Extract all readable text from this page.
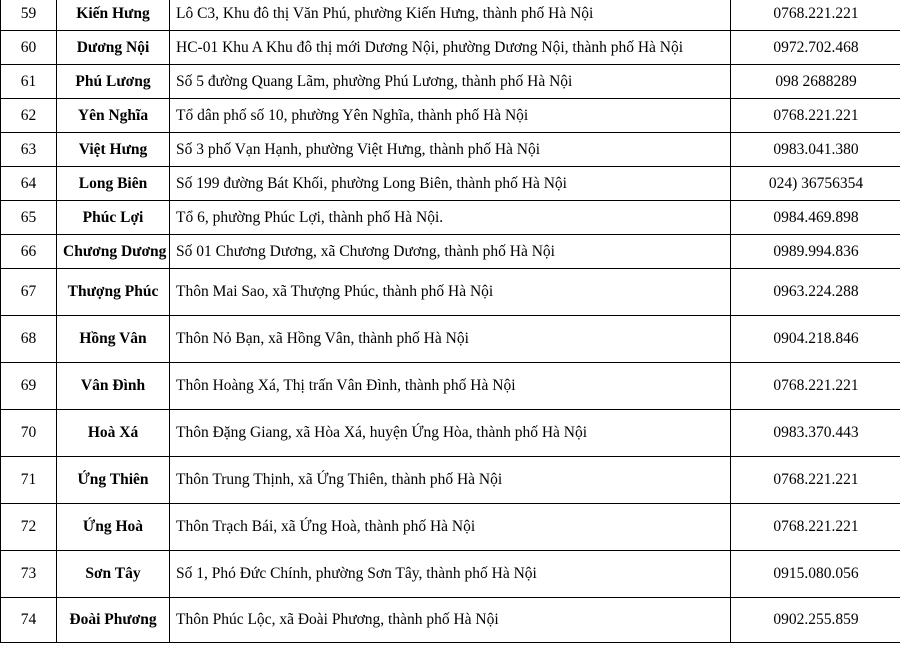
59	Kiến Hưng	Lô C3, Khu đô thị Văn Phú, phường Kiến Hưng, thành phố Hà Nội	0768.221.221
60	Dương Nội	HC-01 Khu A Khu đô thị mới Dương Nội, phường Dương Nội, thành phố Hà Nội	0972.702.468
61	Phú Lương	Số 5 đường Quang Lãm, phường Phú Lương, thành phố Hà Nội	098 2688289
62	Yên Nghĩa	Tổ dân phố số 10, phường Yên Nghĩa, thành phố Hà Nội	0768.221.221
63	Việt Hưng	Số 3 phố Vạn Hạnh, phường Việt Hưng, thành phố Hà Nội	0983.041.380
64	Long Biên	Số 199 đường Bát Khối, phường Long Biên, thành phố Hà Nội	024) 36756354
65	Phúc Lợi	Tổ 6, phường Phúc Lợi, thành phố Hà Nội.	0984.469.898
66	Chương Dương	Số 01 Chương Dương, xã Chương Dương, thành phố Hà Nội	0989.994.836
67	Thượng Phúc	Thôn Mai Sao, xã Thượng Phúc, thành phố Hà Nội	0963.224.288
68	Hồng Vân	Thôn Nỏ Bạn, xã Hồng Vân, thành phố Hà Nội	0904.218.846
69	Vân Đình	Thôn Hoàng Xá, Thị trấn Vân Đình, thành phố Hà Nội	0768.221.221
70	Hoà Xá	Thôn Đặng Giang, xã Hòa Xá, huyện Ứng Hòa, thành phố Hà Nội	0983.370.443
71	Ứng Thiên	Thôn Trung Thịnh, xã Ứng Thiên, thành phố Hà Nội	0768.221.221
72	Ứng Hoà	Thôn Trạch Bái, xã Ứng Hoà, thành phố Hà Nội	0768.221.221
73	Sơn Tây	Số 1, Phó Đức Chính, phường Sơn Tây, thành phố Hà Nội	0915.080.056
74	Đoài Phương	Thôn Phúc Lộc, xã Đoài Phương, thành phố Hà Nội	0902.255.859
